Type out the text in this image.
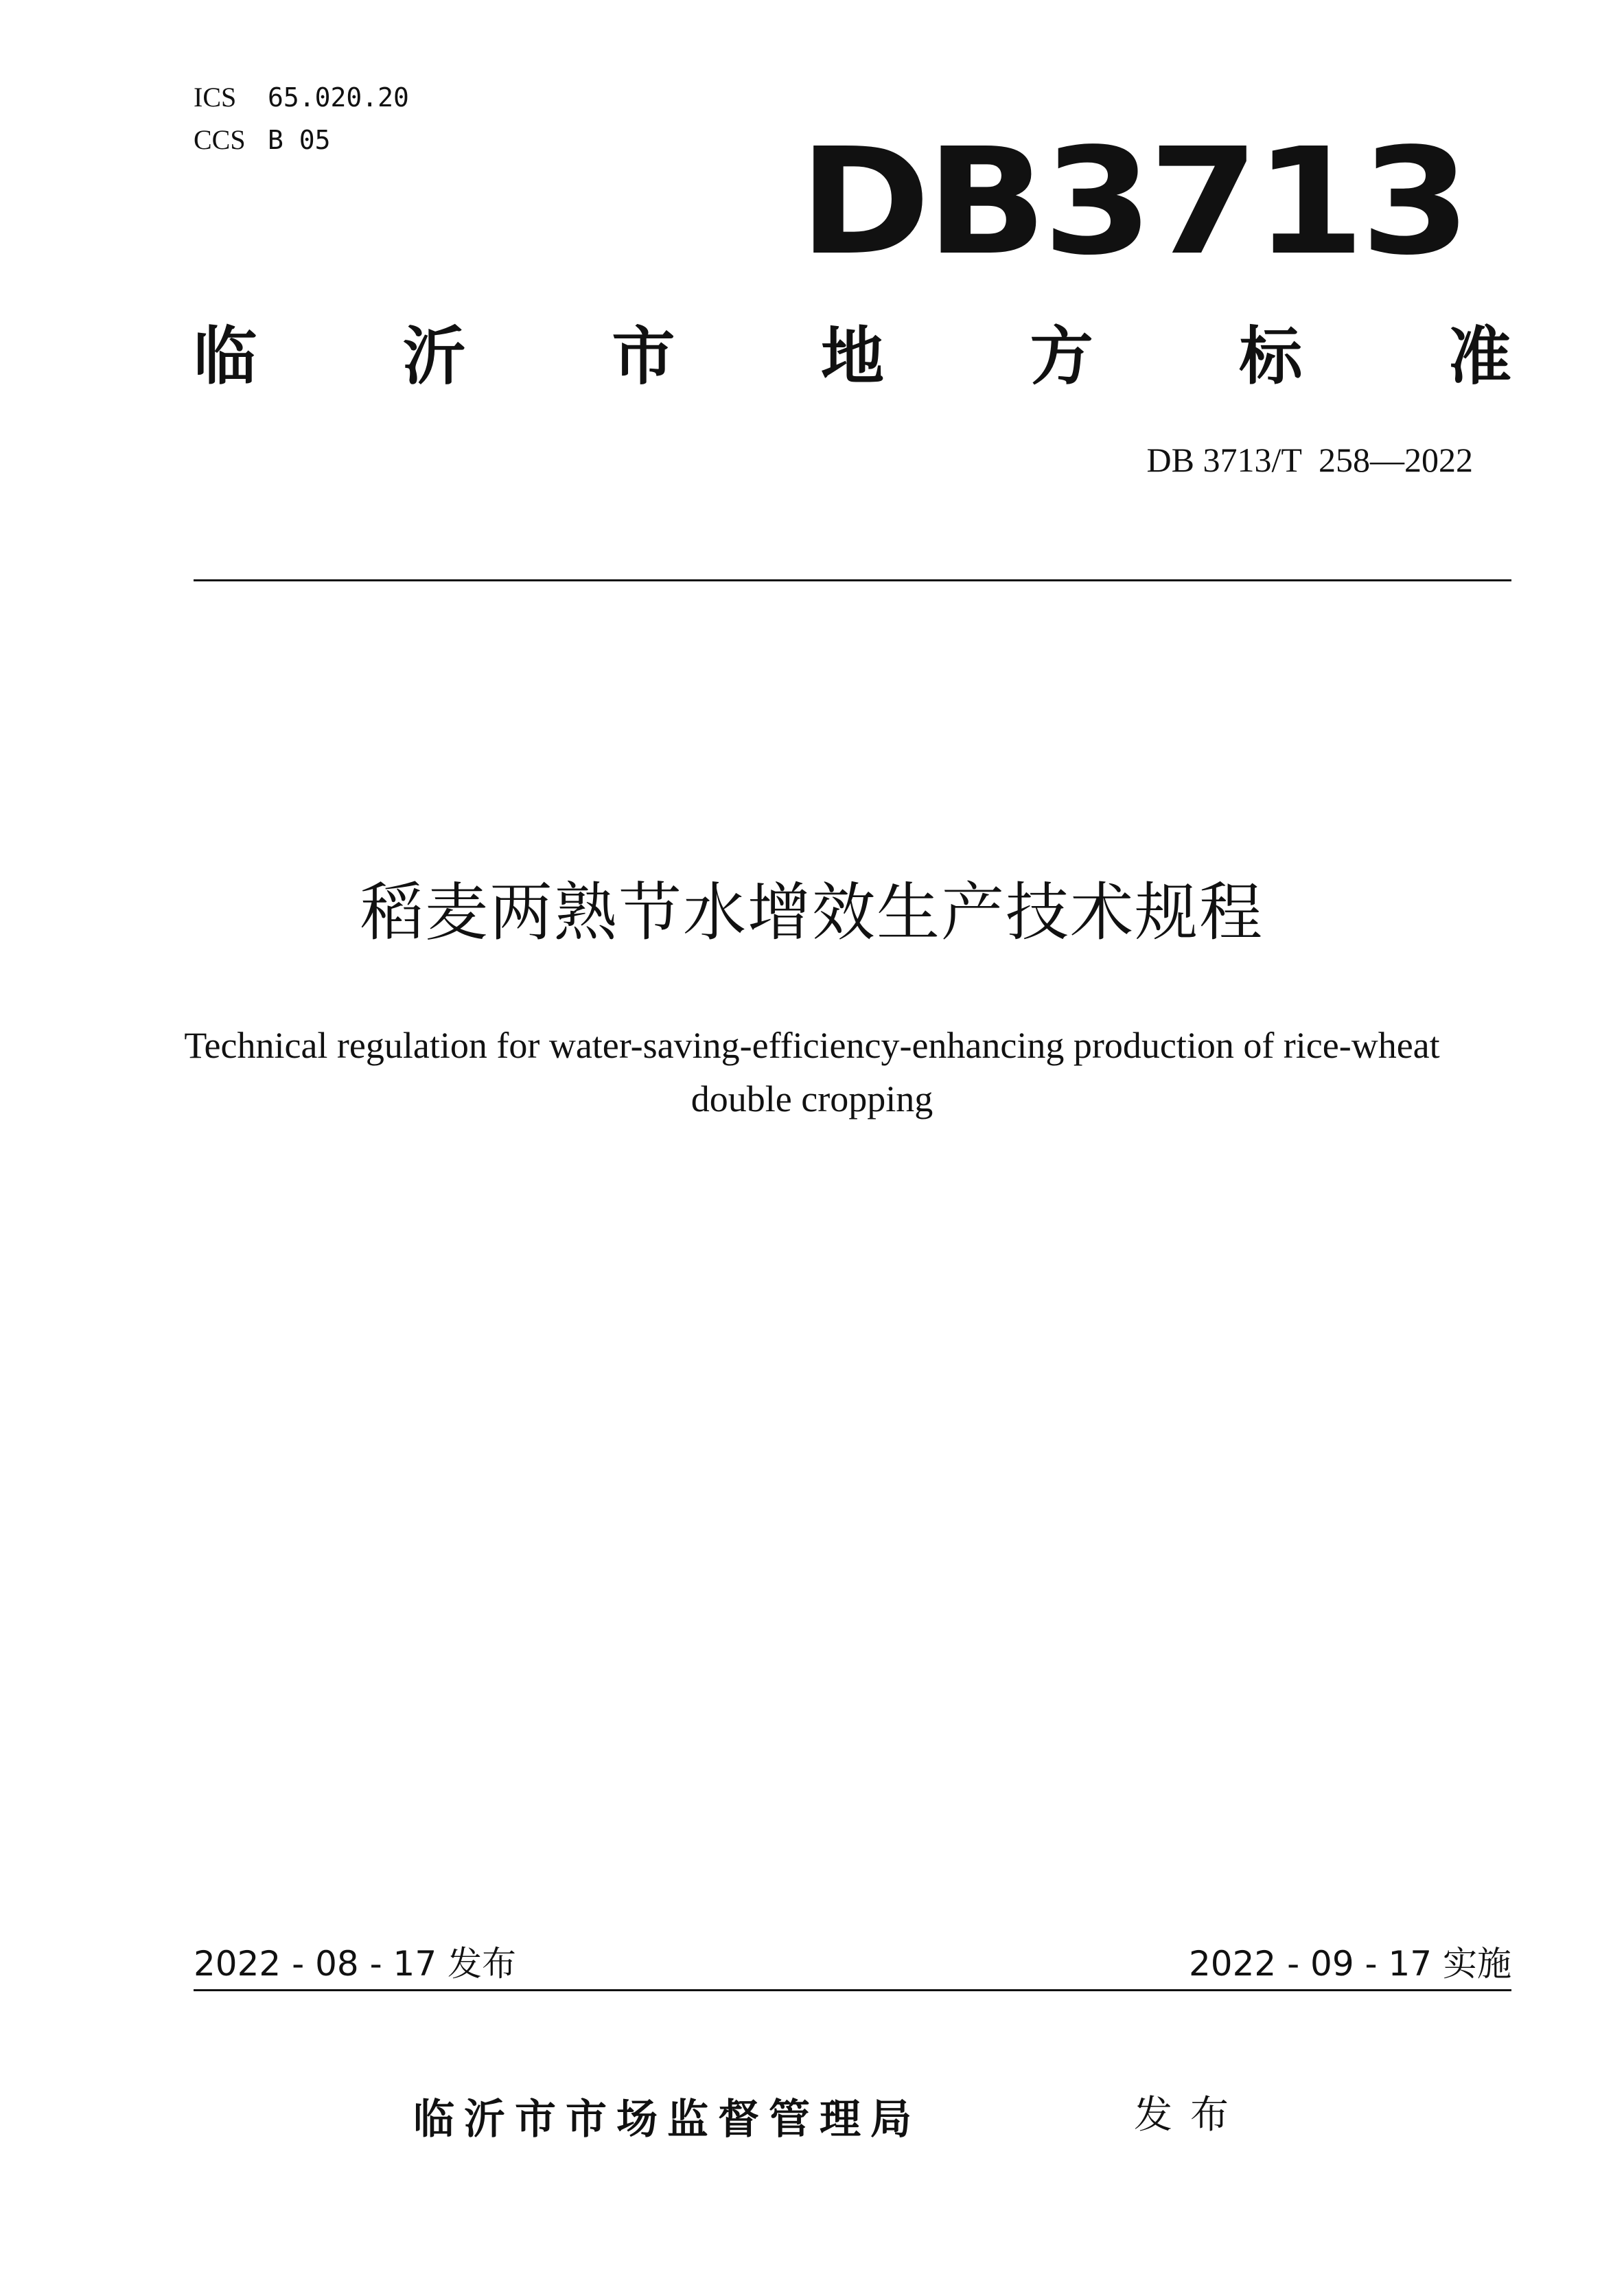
ICS 65.020.20
CCS B 05	DB3713
临 沂 市 地 方 标 准
DB 3713/T  258—2022
稻麦两熟节水增效生产技术规程
Technical regulation for water-saving-efficiency-enhancing production of rice-wheat double cropping
2022 - 08 - 17 发布	2022 - 09 - 17 实施
临沂市市场监督管理局	发布
